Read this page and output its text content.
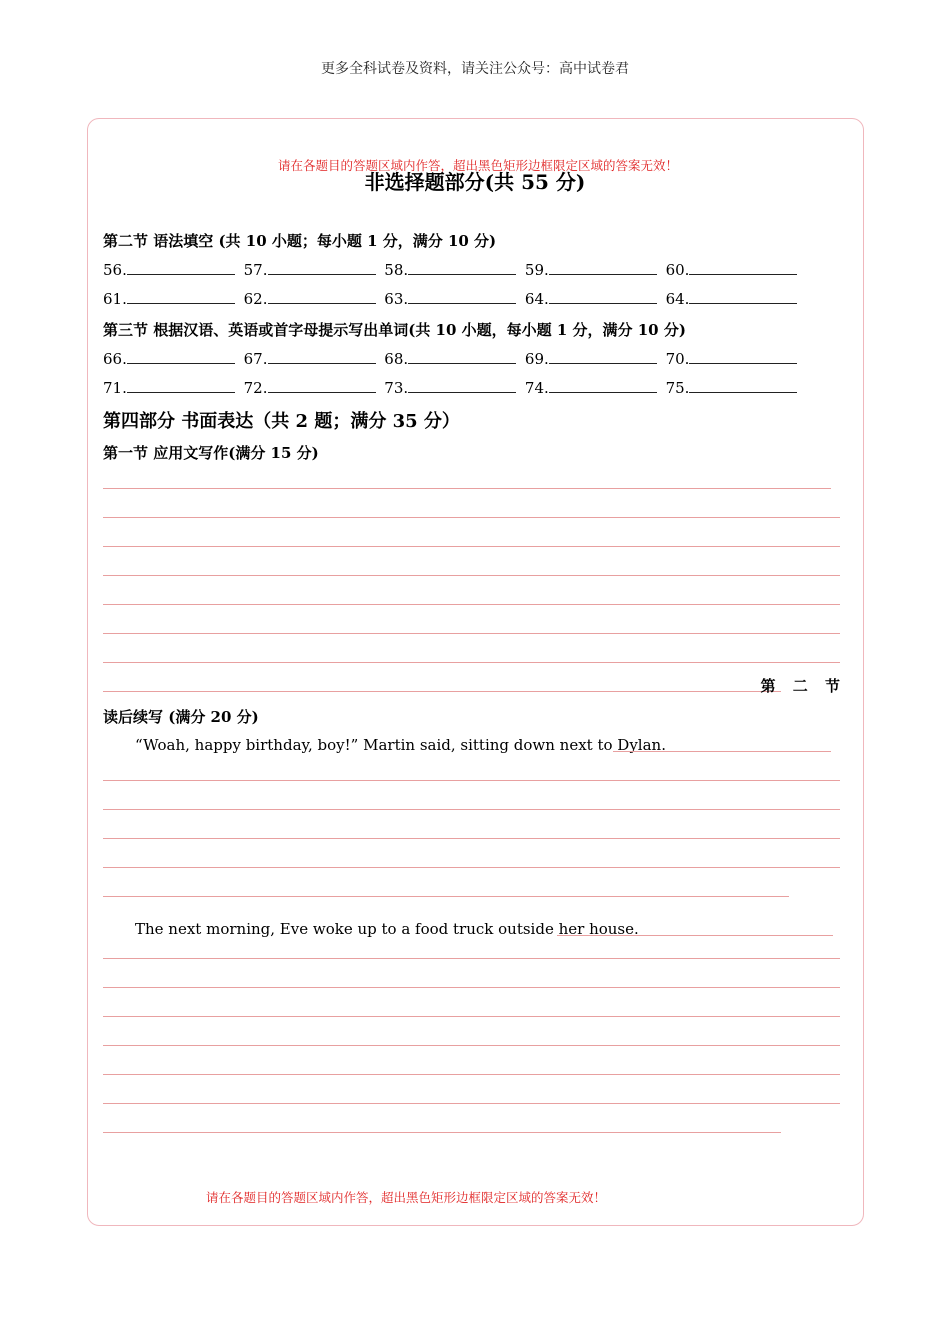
更多全科试卷及资料，请关注公众号：高中试卷君
请在各题目的答题区域内作答，超出黑色矩形边框限定区域的答案无效！
非选择题部分(共 55 分)
第二节 语法填空 (共 10 小题；每小题 1 分，满分 10 分)
56.	57.	58.	59.	60.
61.	62.	63.	64.	64.
第三节 根据汉语、英语或首字母提示写出单词(共 10 小题，每小题 1 分，满分 10 分)
66.	67.	68.	69.	70.
71.	72.	73.	74.	75.
第四部分 书面表达（共 2 题；满分 35 分）
第一节 应用文写作(满分 15 分)
第 二 节
读后续写 (满分 20 分)
“Woah, happy birthday, boy!” Martin said, sitting down next to Dylan.
The next morning, Eve woke up to a food truck outside her house.
请在各题目的答题区域内作答，超出黑色矩形边框限定区域的答案无效！
